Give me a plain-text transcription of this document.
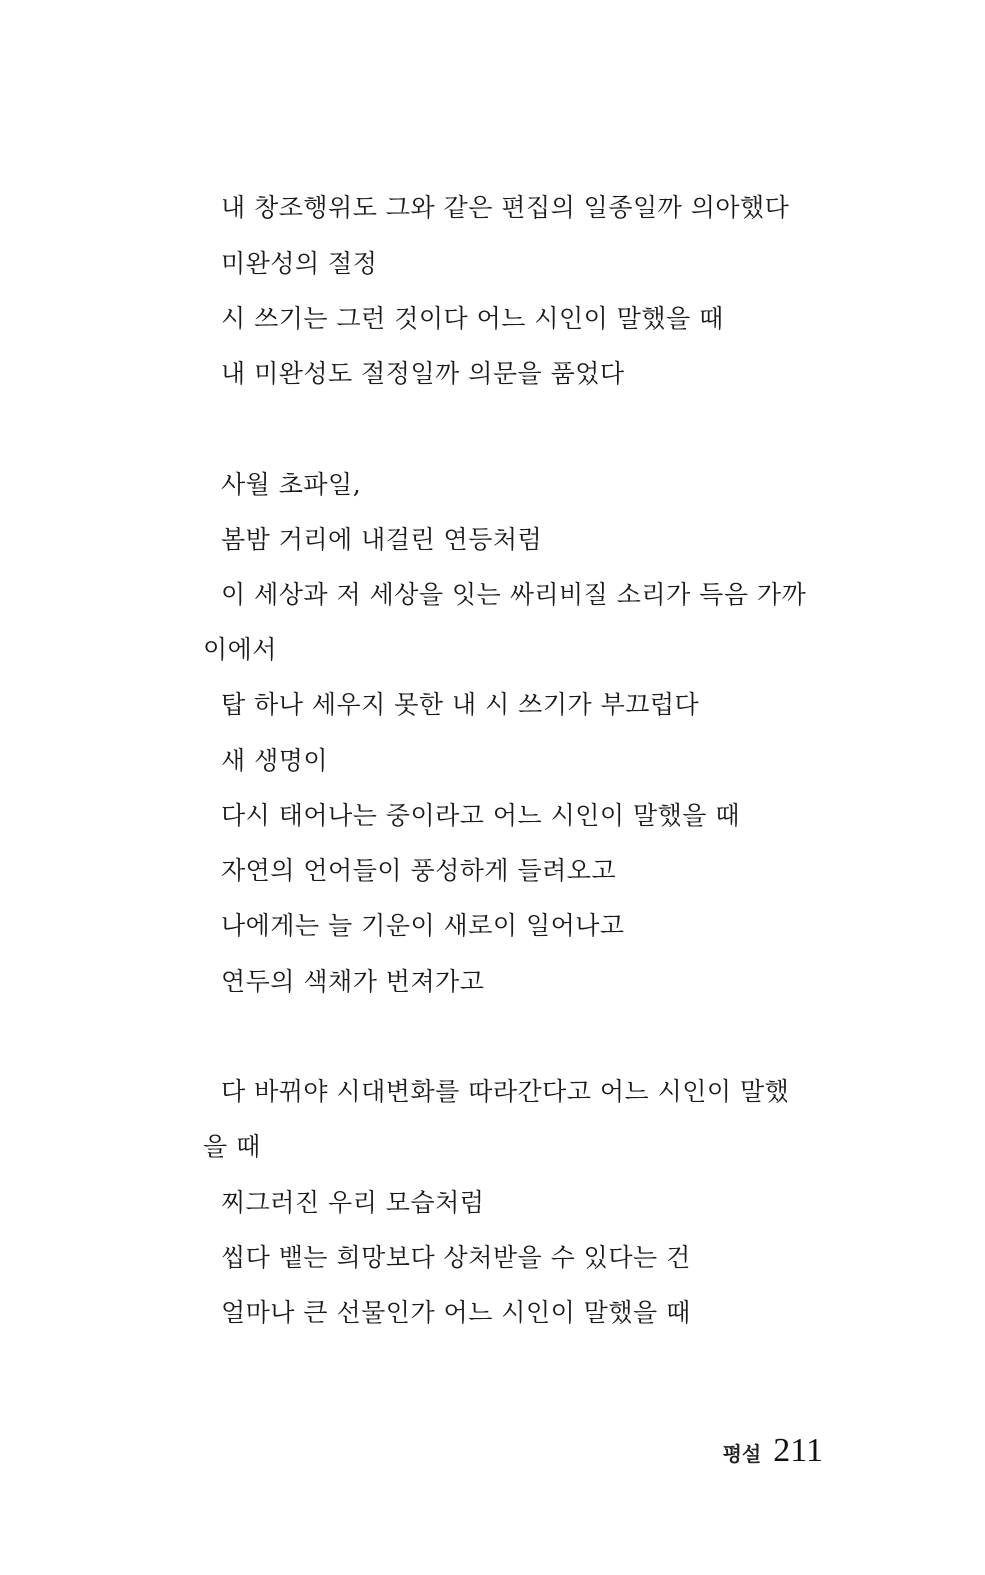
내 창조행위도 그와 같은 편집의 일종일까 의아했다
미완성의 절정
시 쓰기는 그런 것이다 어느 시인이 말했을 때
내 미완성도 절정일까 의문을 품었다
사월 초파일,
봄밤 거리에 내걸린 연등처럼
이 세상과 저 세상을 잇는 싸리비질 소리가 득음 가까
이에서
탑 하나 세우지 못한 내 시 쓰기가 부끄럽다
새 생명이
다시 태어나는 중이라고 어느 시인이 말했을 때
자연의 언어들이 풍성하게 들려오고
나에게는 늘 기운이 새로이 일어나고
연두의 색채가 번져가고
다 바뀌야 시대변화를 따라간다고 어느 시인이 말했
을 때
찌그러진 우리 모습처럼
씹다 뱉는 희망보다 상처받을 수 있다는 건
얼마나 큰 선물인가 어느 시인이 말했을 때
평설 211
